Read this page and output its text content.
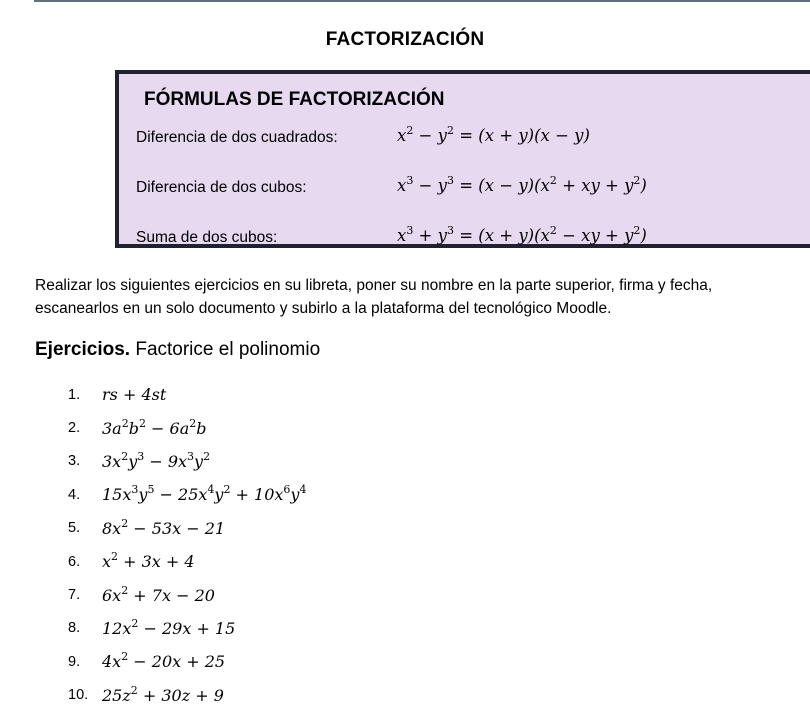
FACTORIZACIÓN
FÓRMULAS DE FACTORIZACIÓN
Diferencia de dos cuadrados:	$x^2 - y^2 = (x + y)(x - y)$
Diferencia de dos cubos:	$x^3 - y^3 = (x - y)(x^2$ + xy + $y^2$)
Suma de dos cubos:	$x^3 + y^3 = (x + y)(x^2$ − xy + $y^2$)
Realizar los siguientes ejercicios en su libreta, poner su nombre en la parte superior, firma y fecha,
escanearlos en un solo documento y subirlo a la plataforma del tecnológico Moodle.
Ejercicios. Factorice el polinomio
1.	rs + 4st
2.	$3a^2b^2 - 6a^2b$
3.	$3x^2y^3 - 9x^3y^2$
4.	$15x^3y^5 - 25x^4y^2 + 10x^6y^4$
5.	$8x^2 - 53x - 21$
6.	$x^2 + 3x + 4$
7.	$6x^2 + 7x - 20$
8.	$12x^2 - 29x + 15$
9.	$4x^2 - 20x + 25$
10. $25z^2 + 30z + 9$
